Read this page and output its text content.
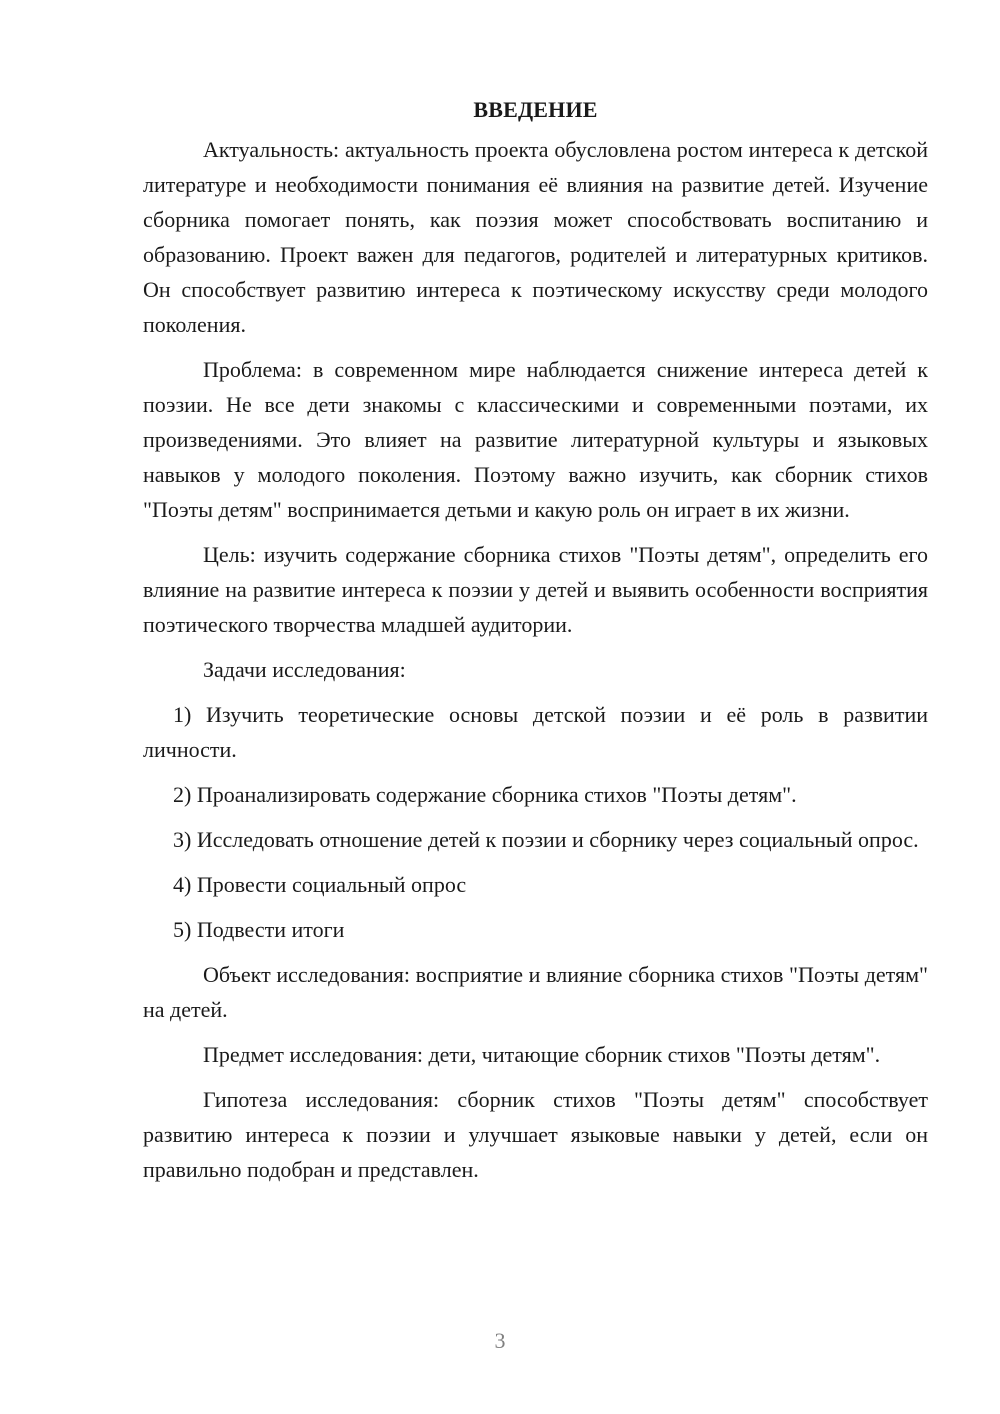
ВВЕДЕНИЕ

Актуальность: актуальность проекта обусловлена ростом интереса к детской литературе и необходимости понимания её влияния на развитие детей. Изучение сборника помогает понять, как поэзия может способствовать воспитанию и образованию. Проект важен для педагогов, родителей и литературных критиков. Он способствует развитию интереса к поэтическому искусству среди молодого поколения.

Проблема: в современном мире наблюдается снижение интереса детей к поэзии. Не все дети знакомы с классическими и современными поэтами, их произведениями. Это влияет на развитие литературной культуры и языковых навыков у молодого поколения. Поэтому важно изучить, как сборник стихов "Поэты детям" воспринимается детьми и какую роль он играет в их жизни.

Цель: изучить содержание сборника стихов "Поэты детям", определить его влияние на развитие интереса к поэзии у детей и выявить особенности восприятия поэтического творчества младшей аудитории.

Задачи исследования:

1) Изучить теоретические основы детской поэзии и её роль в развитии личности.

2) Проанализировать содержание сборника стихов "Поэты детям".

3) Исследовать отношение детей к поэзии и сборнику через социальный опрос.

4) Провести социальный опрос

5) Подвести итоги

Объект исследования: восприятие и влияние сборника стихов "Поэты детям" на детей.

Предмет исследования: дети, читающие сборник стихов "Поэты детям".

Гипотеза исследования: сборник стихов "Поэты детям" способствует развитию интереса к поэзии и улучшает языковые навыки у детей, если он правильно подобран и представлен.

3
